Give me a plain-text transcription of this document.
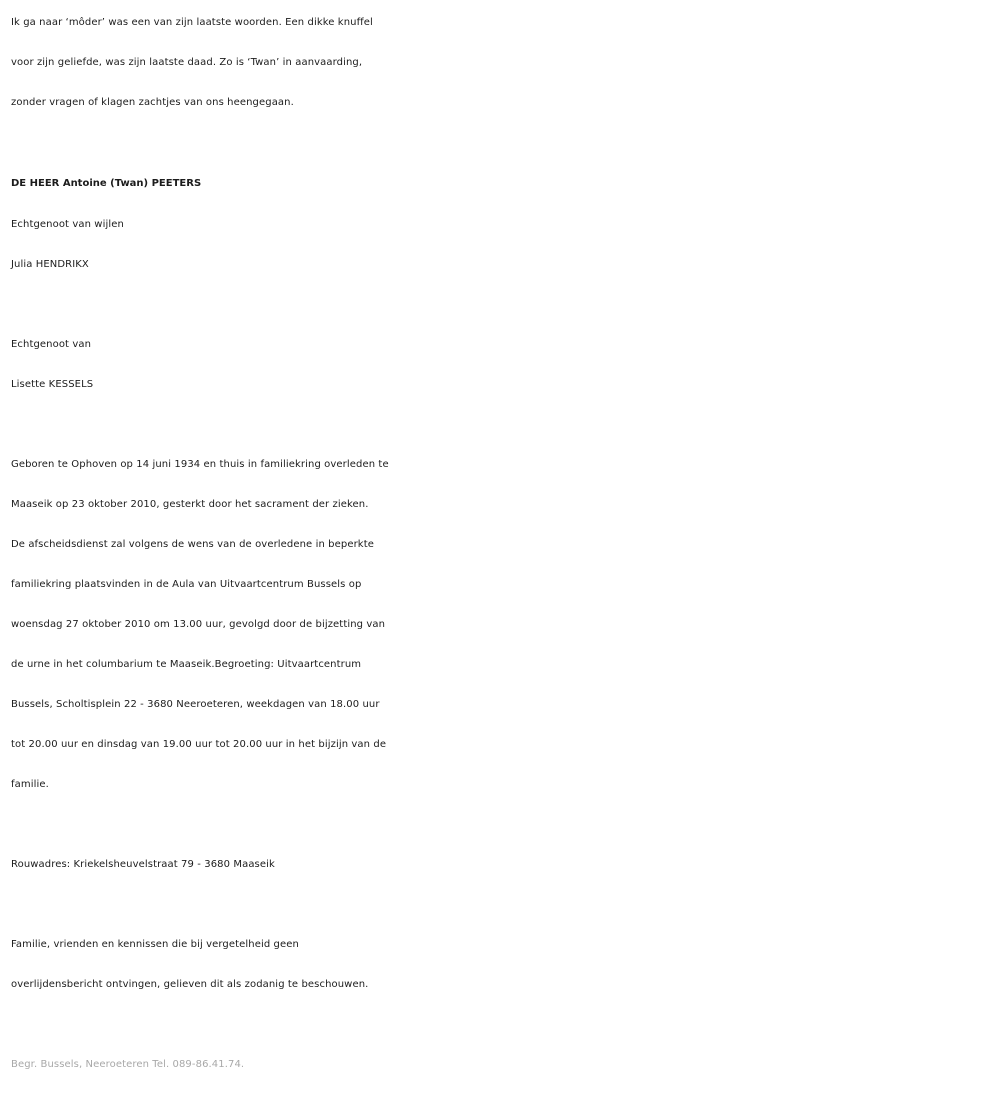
Ik ga naar ‘môder’ was een van zijn laatste woorden. Een dikke knuffel
voor zijn geliefde, was zijn laatste daad. Zo is ‘Twan’ in aanvaarding,
zonder vragen of klagen zachtjes van ons heengegaan.
DE HEER Antoine (Twan) PEETERS
Echtgenoot van wijlen
Julia HENDRIKX
Echtgenoot van
Lisette KESSELS
Geboren te Ophoven op 14 juni 1934 en thuis in familiekring overleden te
Maaseik op 23 oktober 2010, gesterkt door het sacrament der zieken.
De afscheidsdienst zal volgens de wens van de overledene in beperkte
familiekring plaatsvinden in de Aula van Uitvaartcentrum Bussels op
woensdag 27 oktober 2010 om 13.00 uur, gevolgd door de bijzetting van
de urne in het columbarium te Maaseik.Begroeting: Uitvaartcentrum
Bussels, Scholtisplein 22 - 3680 Neeroeteren, weekdagen van 18.00 uur
tot 20.00 uur en dinsdag van 19.00 uur tot 20.00 uur in het bijzijn van de
familie.
Rouwadres: Kriekelsheuvelstraat 79 - 3680 Maaseik
Familie, vrienden en kennissen die bij vergetelheid geen
overlijdensbericht ontvingen, gelieven dit als zodanig te beschouwen.
Begr. Bussels, Neeroeteren Tel. 089-86.41.74.
